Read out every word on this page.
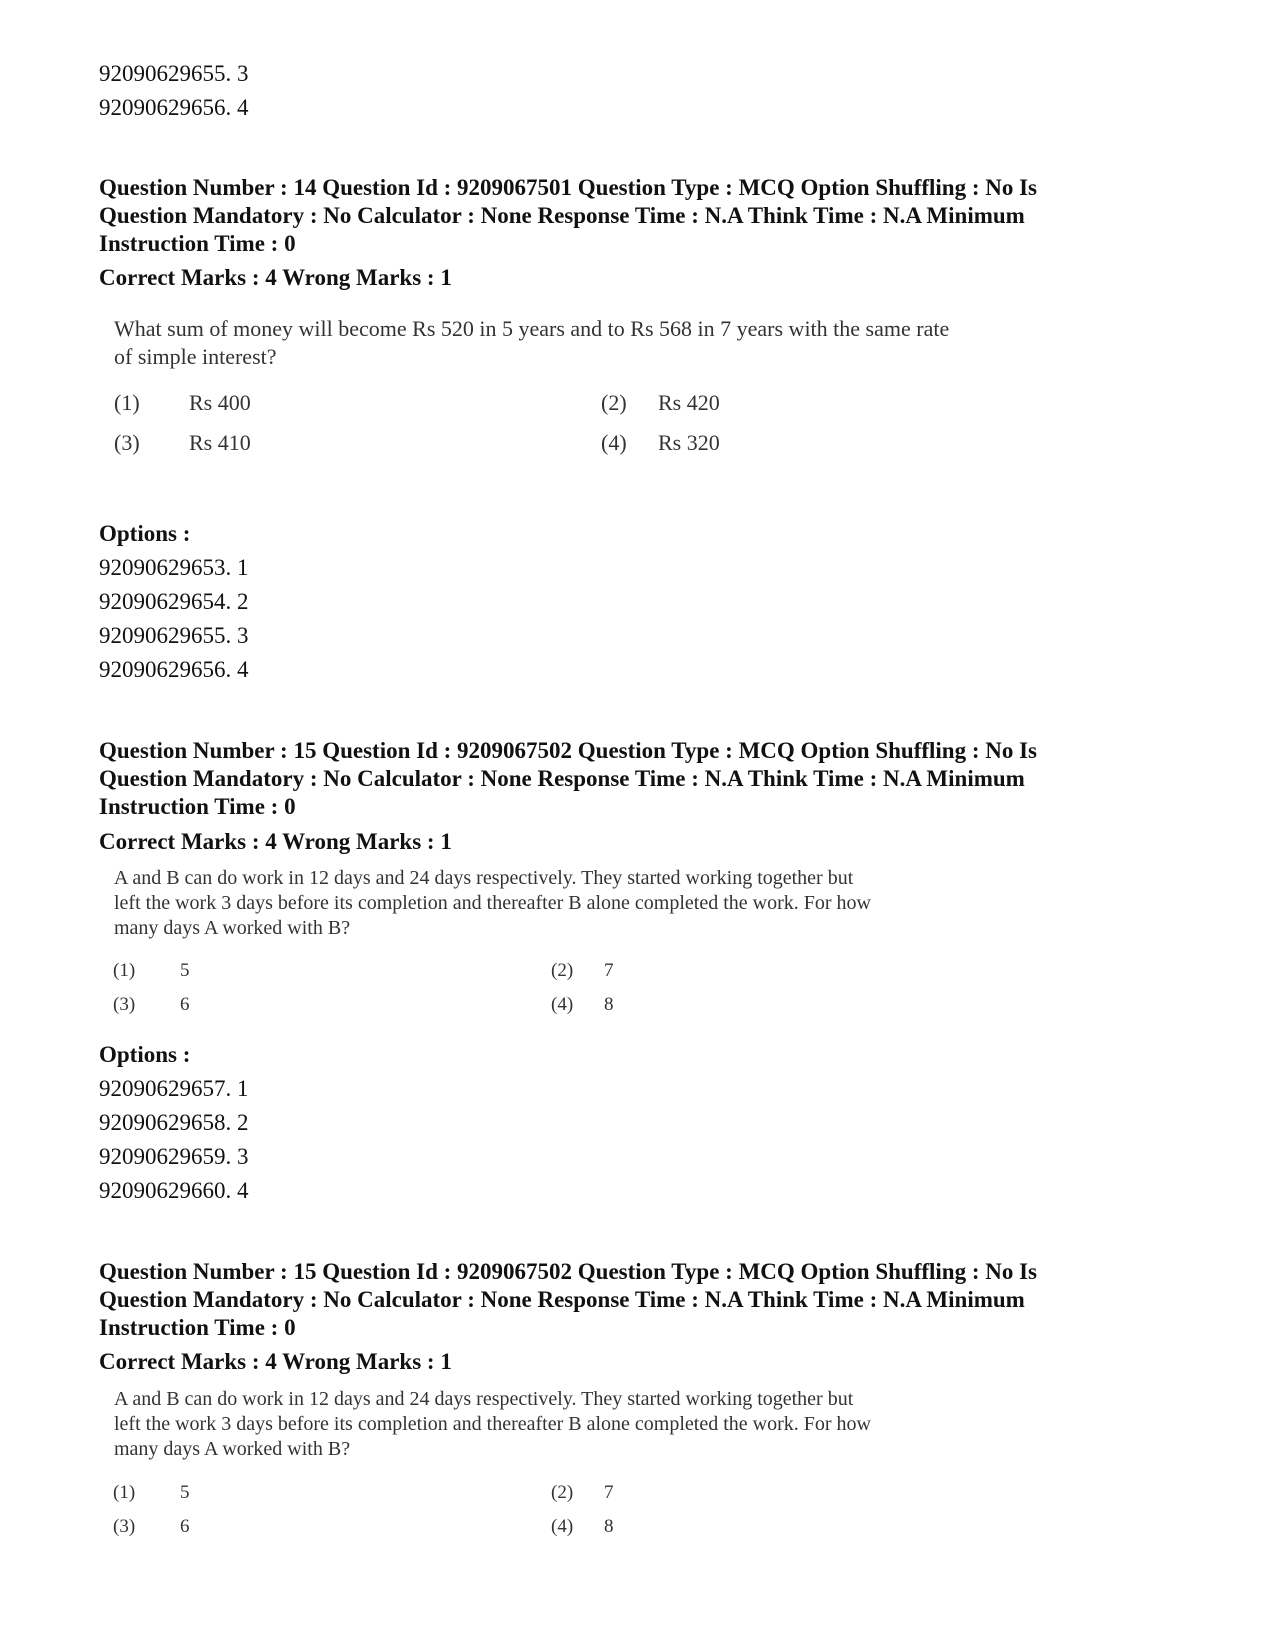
92090629655. 3
92090629656. 4
Question Number : 14 Question Id : 9209067501 Question Type : MCQ Option Shuffling : No Is
Question Mandatory : No Calculator : None Response Time : N.A Think Time : N.A Minimum
Instruction Time : 0
Correct Marks : 4 Wrong Marks : 1
What sum of money will become Rs 520 in 5 years and to Rs 568 in 7 years with the same rate
of simple interest?
(1) Rs 400	(2) Rs 420
(3) Rs 410	(4) Rs 320
Options :
92090629653. 1
92090629654. 2
92090629655. 3
92090629656. 4
Question Number : 15 Question Id : 9209067502 Question Type : MCQ Option Shuffling : No Is
Question Mandatory : No Calculator : None Response Time : N.A Think Time : N.A Minimum
Instruction Time : 0
Correct Marks : 4 Wrong Marks : 1
A and B can do work in 12 days and 24 days respectively. They started working together but
left the work 3 days before its completion and thereafter B alone completed the work. For how
many days A worked with B?
(1) 5	(2) 7
(3) 6	(4) 8
Options :
92090629657. 1
92090629658. 2
92090629659. 3
92090629660. 4
Question Number : 15 Question Id : 9209067502 Question Type : MCQ Option Shuffling : No Is
Question Mandatory : No Calculator : None Response Time : N.A Think Time : N.A Minimum
Instruction Time : 0
Correct Marks : 4 Wrong Marks : 1
A and B can do work in 12 days and 24 days respectively. They started working together but
left the work 3 days before its completion and thereafter B alone completed the work. For how
many days A worked with B?
(1) 5	(2) 7
(3) 6	(4) 8
